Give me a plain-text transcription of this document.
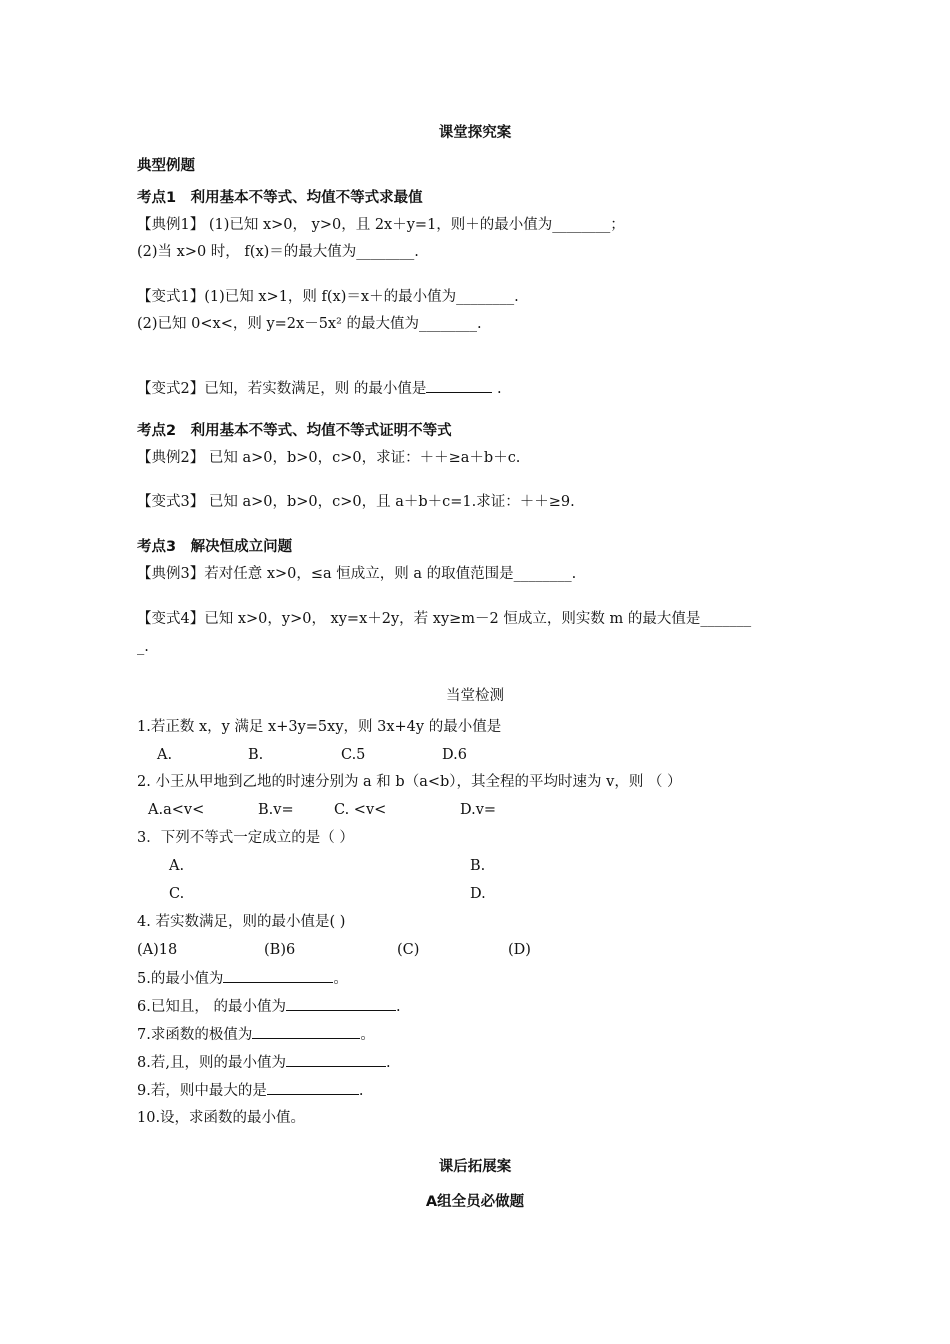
课堂探究案
典型例题
考点1　利用基本不等式、均值不等式求最值
【典例1】 (1)已知 x>0， y>0，且 2x＋y=1，则＋的最小值为________；
(2)当 x>0 时， f(x)＝的最大值为________.
【变式1】(1)已知 x>1，则 f(x)＝x＋的最小值为________.
(2)已知 0<x<，则 y=2x－5x² 的最大值为________.
【变式2】已知，若实数满足，则 的最小值是	.
考点2　利用基本不等式、均值不等式证明不等式
【典例2】 已知 a>0，b>0，c>0，求证：＋＋≥a＋b＋c.
【变式3】 已知 a>0，b>0，c>0，且 a＋b＋c=1.求证：＋＋≥9.
考点3　解决恒成立问题
【典例3】若对任意 x>0，≤a 恒成立，则 a 的取值范围是________.
【变式4】已知 x>0，y>0， xy=x＋2y，若 xy≥m－2 恒成立，则实数 m 的最大值是_______
_.
当堂检测
1.若正数 x，y 满足 x+3y=5xy，则 3x+4y 的最小值是
A.	B.	C.5	D.6
2. 小王从甲地到乙地的时速分别为 a 和 b（a<b），其全程的平均时速为 v，则 （ ）
A.a<v<	B.v=	C. <v<	D.v=
3．下列不等式一定成立的是（ ）
A.	B.
C.	D.
4. 若实数满足，则的最小值是( )
(A)18	(B)6	(C)	(D)
5.的最小值为	。
6.已知且， 的最小值为	.
7.求函数的极值为	。
8.若,且，则的最小值为	.
9.若，则中最大的是	.
10.设，求函数的最小值。
课后拓展案
A组全员必做题
